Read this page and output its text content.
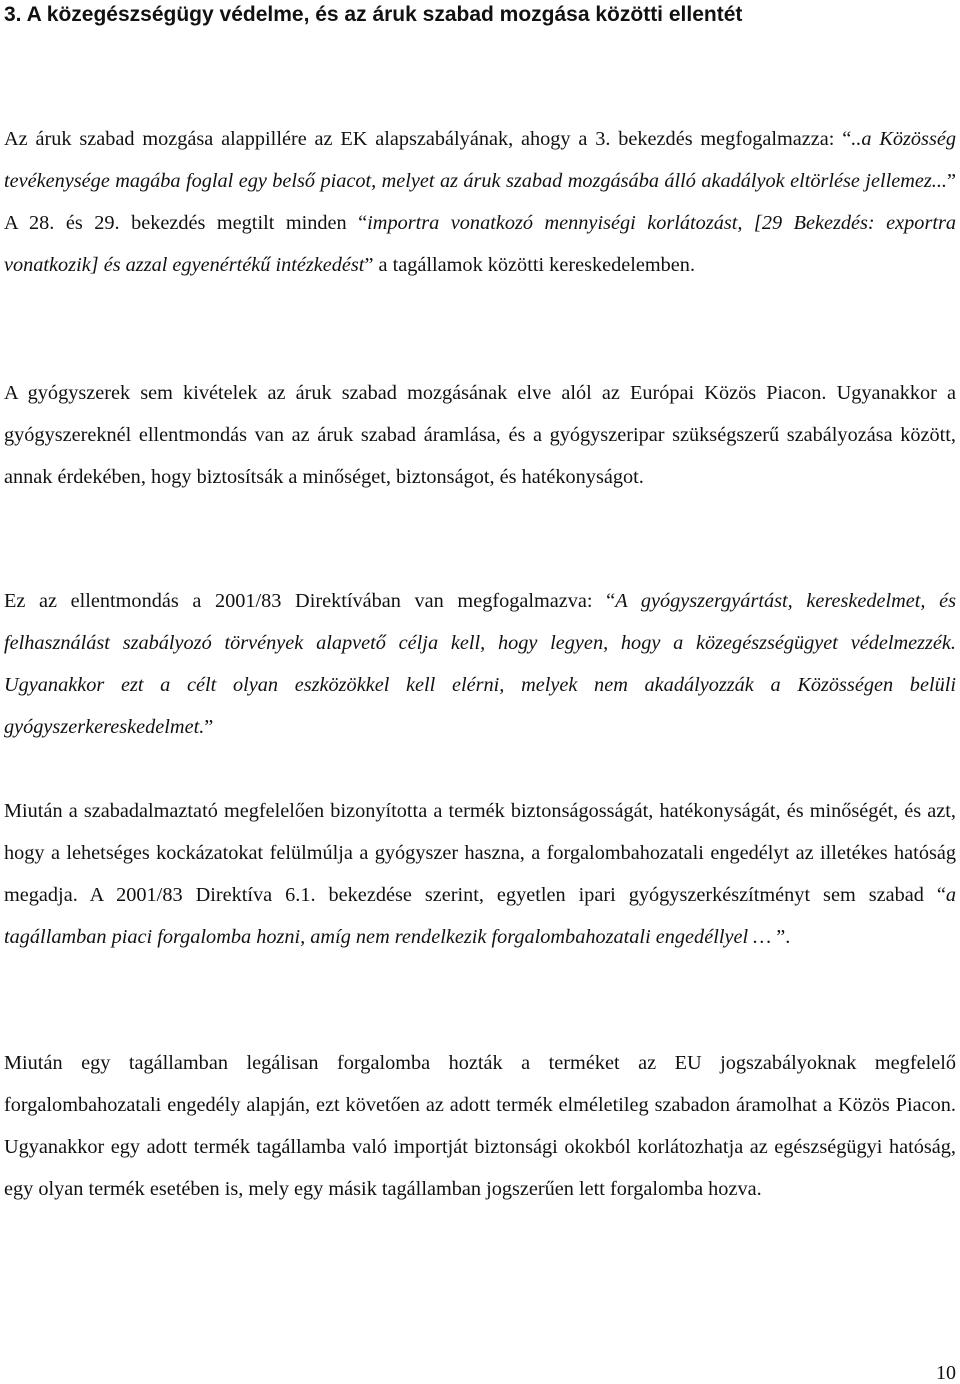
3. A közegészségügy védelme, és az áruk szabad mozgása közötti ellentét

Az áruk szabad mozgása alappillére az EK alapszabályának, ahogy a 3. bekezdés megfogalmazza: “..a Közösség tevékenysége magába foglal egy belső piacot, melyet az áruk szabad mozgásába álló akadályok eltörlése jellemez...” A 28. és 29. bekezdés megtilt minden “importra vonatkozó mennyiségi korlátozást, [29 Bekezdés: exportra vonatkozik] és azzal egyenértékű intézkedést” a tagállamok közötti kereskedelemben.

A gyógyszerek sem kivételek az áruk szabad mozgásának elve alól az Európai Közös Piacon. Ugyanakkor a gyógyszereknél ellentmondás van az áruk szabad áramlása, és a gyógyszeripar szükségszerű szabályozása között, annak érdekében, hogy biztosítsák a minőséget, biztonságot, és hatékonyságot.

Ez az ellentmondás a 2001/83 Direktívában van megfogalmazva: “A gyógyszergyártást, kereskedelmet, és felhasználást szabályozó törvények alapvető célja kell, hogy legyen, hogy a közegészségügyet védelmezzék. Ugyanakkor ezt a célt olyan eszközökkel kell elérni, melyek nem akadályozzák a Közösségen belüli gyógyszerkereskedelmet.”

Miután a szabadalmaztató megfelelően bizonyította a termék biztonságosságát, hatékonyságát, és minőségét, és azt, hogy a lehetséges kockázatokat felülmúlja a gyógyszer haszna, a forgalombahozatali engedélyt az illetékes hatóság megadja. A 2001/83 Direktíva 6.1. bekezdése szerint, egyetlen ipari gyógyszerkészítményt sem szabad “a tagállamban piaci forgalomba hozni, amíg nem rendelkezik forgalombahozatali engedéllyel … ”.

Miután egy tagállamban legálisan forgalomba hozták a terméket az EU jogszabályoknak megfelelő forgalombahozatali engedély alapján, ezt követően az adott termék elméletileg szabadon áramolhat a Közös Piacon. Ugyanakkor egy adott termék tagállamba való importját biztonsági okokból korlátozhatja az egészségügyi hatóság, egy olyan termék esetében is, mely egy másik tagállamban jogszerűen lett forgalomba hozva.

10
